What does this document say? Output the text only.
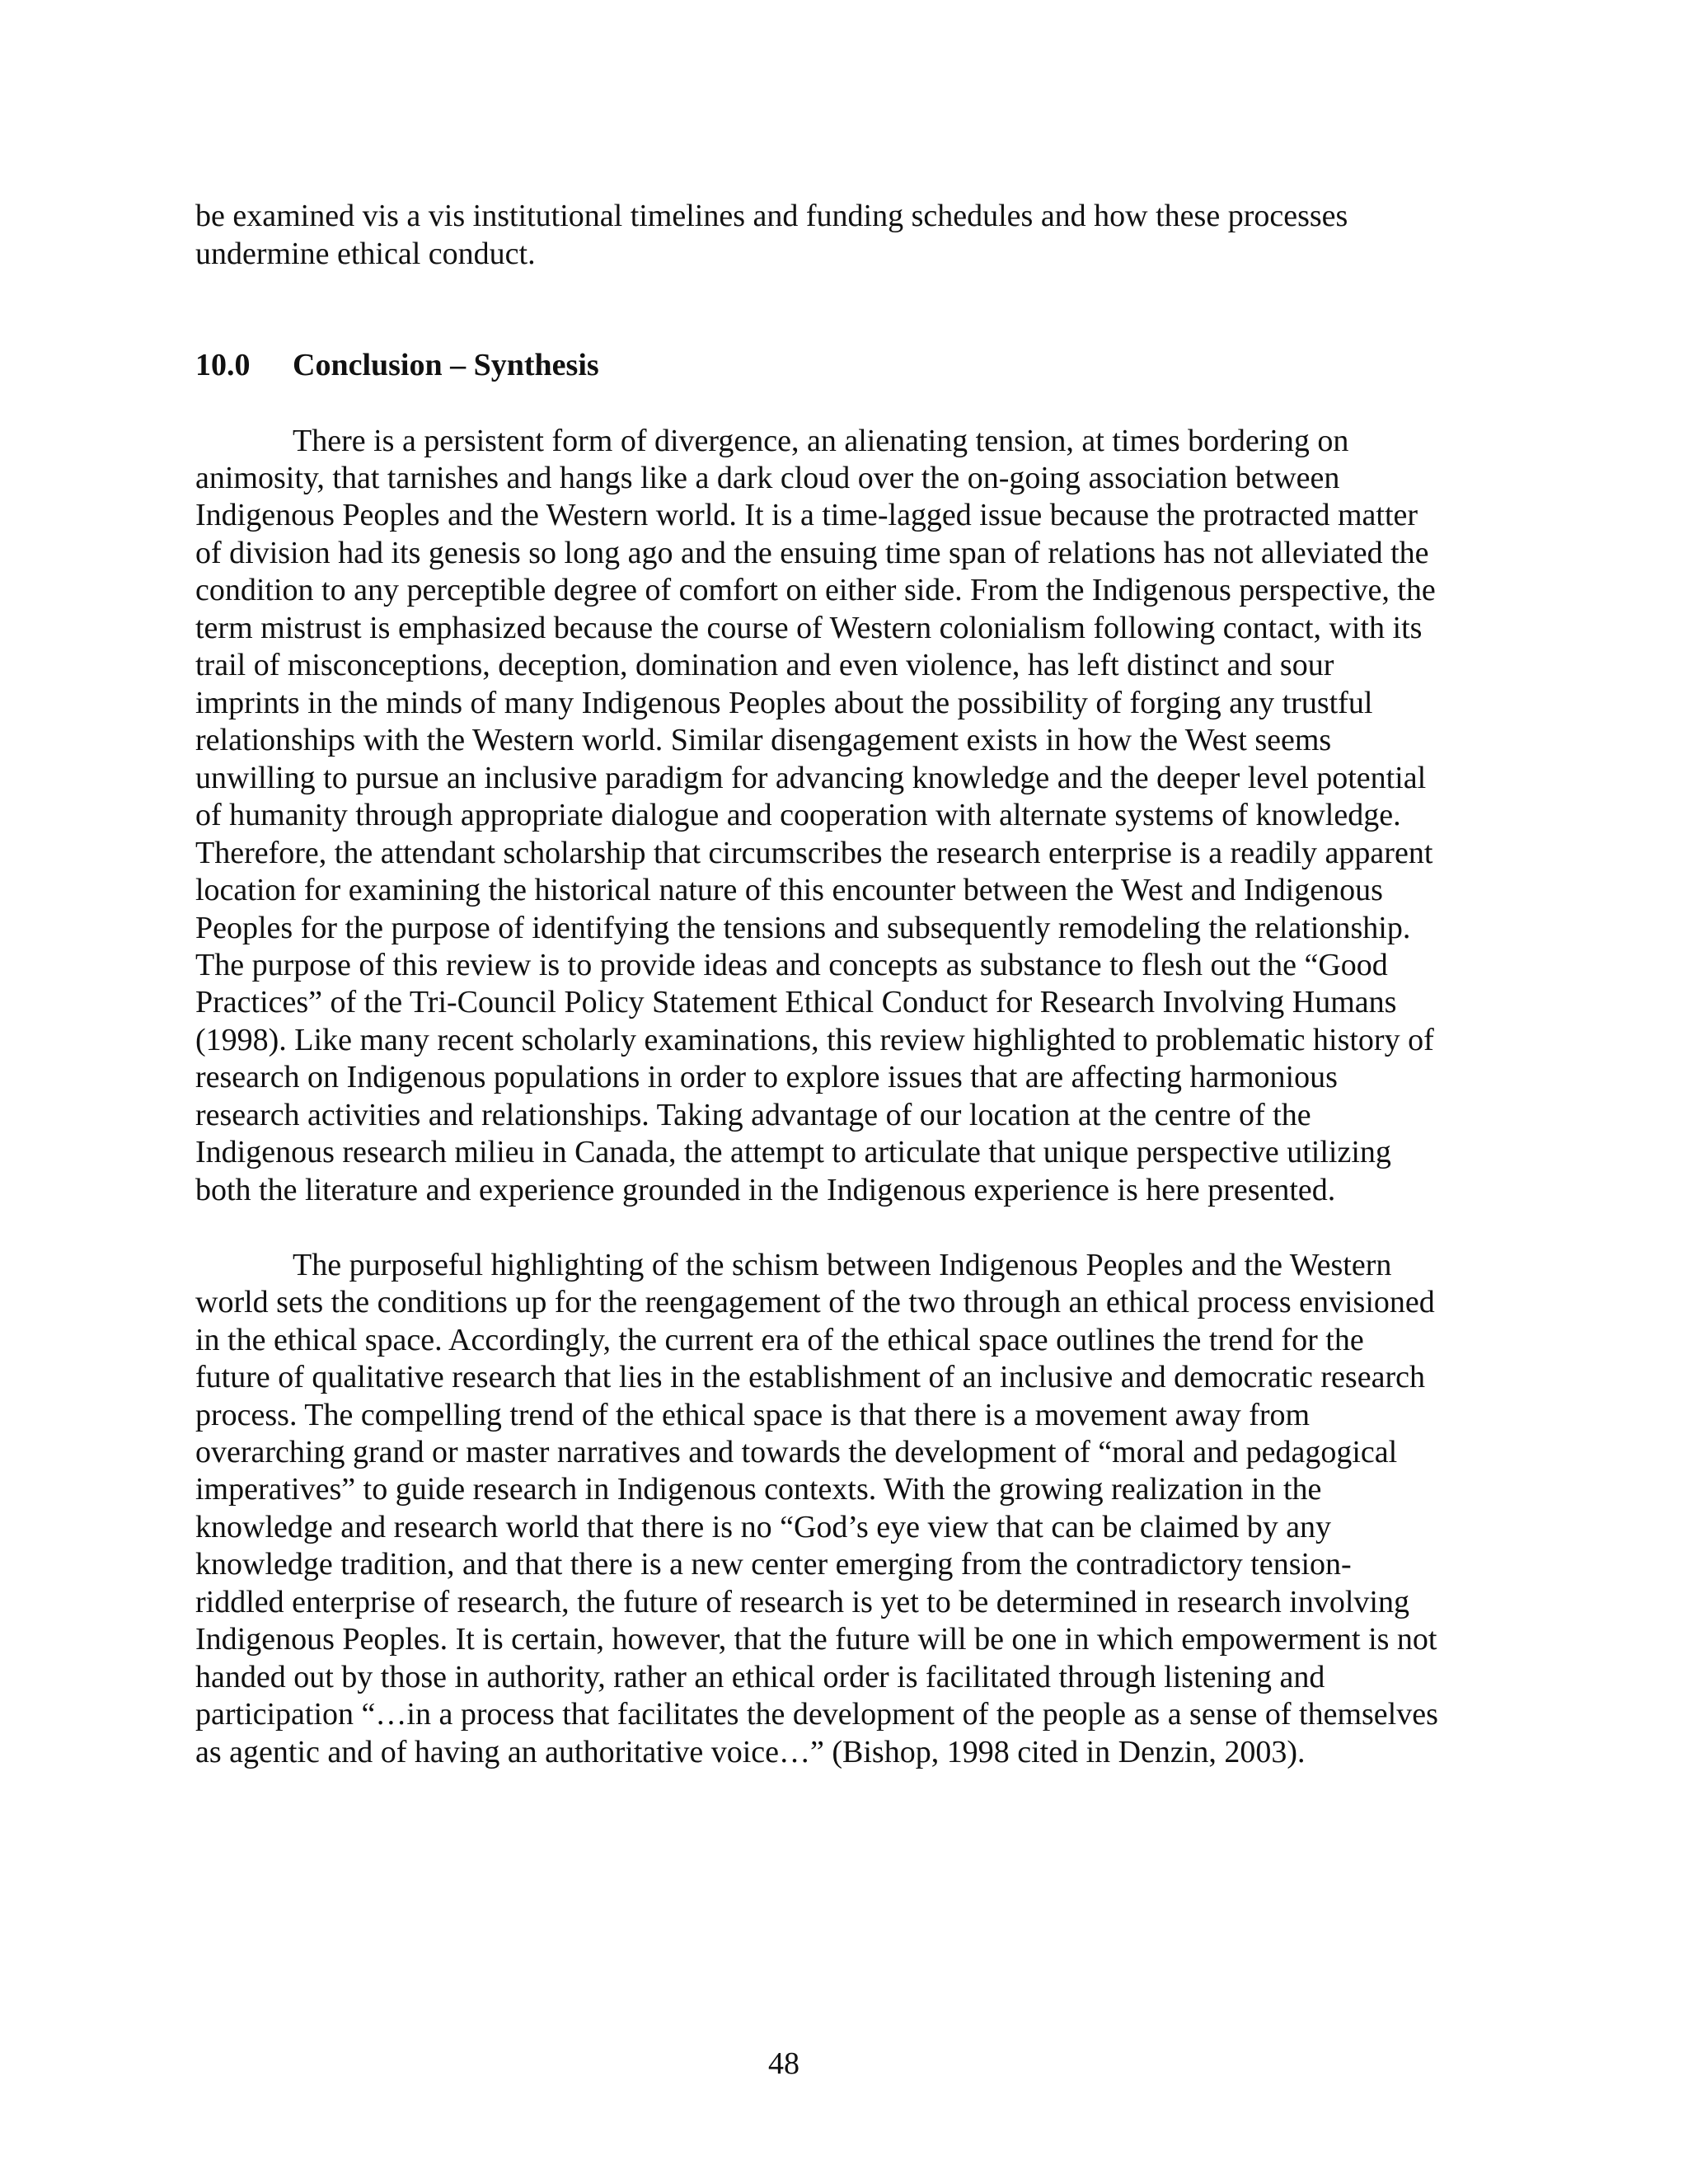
be examined vis a vis institutional timelines and funding schedules and how these processes

undermine ethical conduct.

10.0 Conclusion – Synthesis

There is a persistent form of divergence, an alienating tension, at times bordering on

animosity, that tarnishes and hangs like a dark cloud over the on-going association between

Indigenous Peoples and the Western world. It is a time-lagged issue because the protracted matter

of division had its genesis so long ago and the ensuing time span of relations has not alleviated the

condition to any perceptible degree of comfort on either side. From the Indigenous perspective, the

term mistrust is emphasized because the course of Western colonialism following contact, with its

trail of misconceptions, deception, domination and even violence, has left distinct and sour

imprints in the minds of many Indigenous Peoples about the possibility of forging any trustful

relationships with the Western world. Similar disengagement exists in how the West seems

unwilling to pursue an inclusive paradigm for advancing knowledge and the deeper level potential

of humanity through appropriate dialogue and cooperation with alternate systems of knowledge.

Therefore, the attendant scholarship that circumscribes the research enterprise is a readily apparent

location for examining the historical nature of this encounter between the West and Indigenous

Peoples for the purpose of identifying the tensions and subsequently remodeling the relationship.

The purpose of this review is to provide ideas and concepts as substance to flesh out the “Good

Practices” of the Tri-Council Policy Statement Ethical Conduct for Research Involving Humans

(1998). Like many recent scholarly examinations, this review highlighted to problematic history of

research on Indigenous populations in order to explore issues that are affecting harmonious

research activities and relationships. Taking advantage of our location at the centre of the

Indigenous research milieu in Canada, the attempt to articulate that unique perspective utilizing

both the literature and experience grounded in the Indigenous experience is here presented.

The purposeful highlighting of the schism between Indigenous Peoples and the Western

world sets the conditions up for the reengagement of the two through an ethical process envisioned

in the ethical space. Accordingly, the current era of the ethical space outlines the trend for the

future of qualitative research that lies in the establishment of an inclusive and democratic research

process. The compelling trend of the ethical space is that there is a movement away from

overarching grand or master narratives and towards the development of “moral and pedagogical

imperatives” to guide research in Indigenous contexts. With the growing realization in the

knowledge and research world that there is no “God’s eye view that can be claimed by any

knowledge tradition, and that there is a new center emerging from the contradictory tension-

riddled enterprise of research, the future of research is yet to be determined in research involving

Indigenous Peoples. It is certain, however, that the future will be one in which empowerment is not

handed out by those in authority, rather an ethical order is facilitated through listening and

participation “…in a process that facilitates the development of the people as a sense of themselves

as agentic and of having an authoritative voice…” (Bishop, 1998 cited in Denzin, 2003).

48
